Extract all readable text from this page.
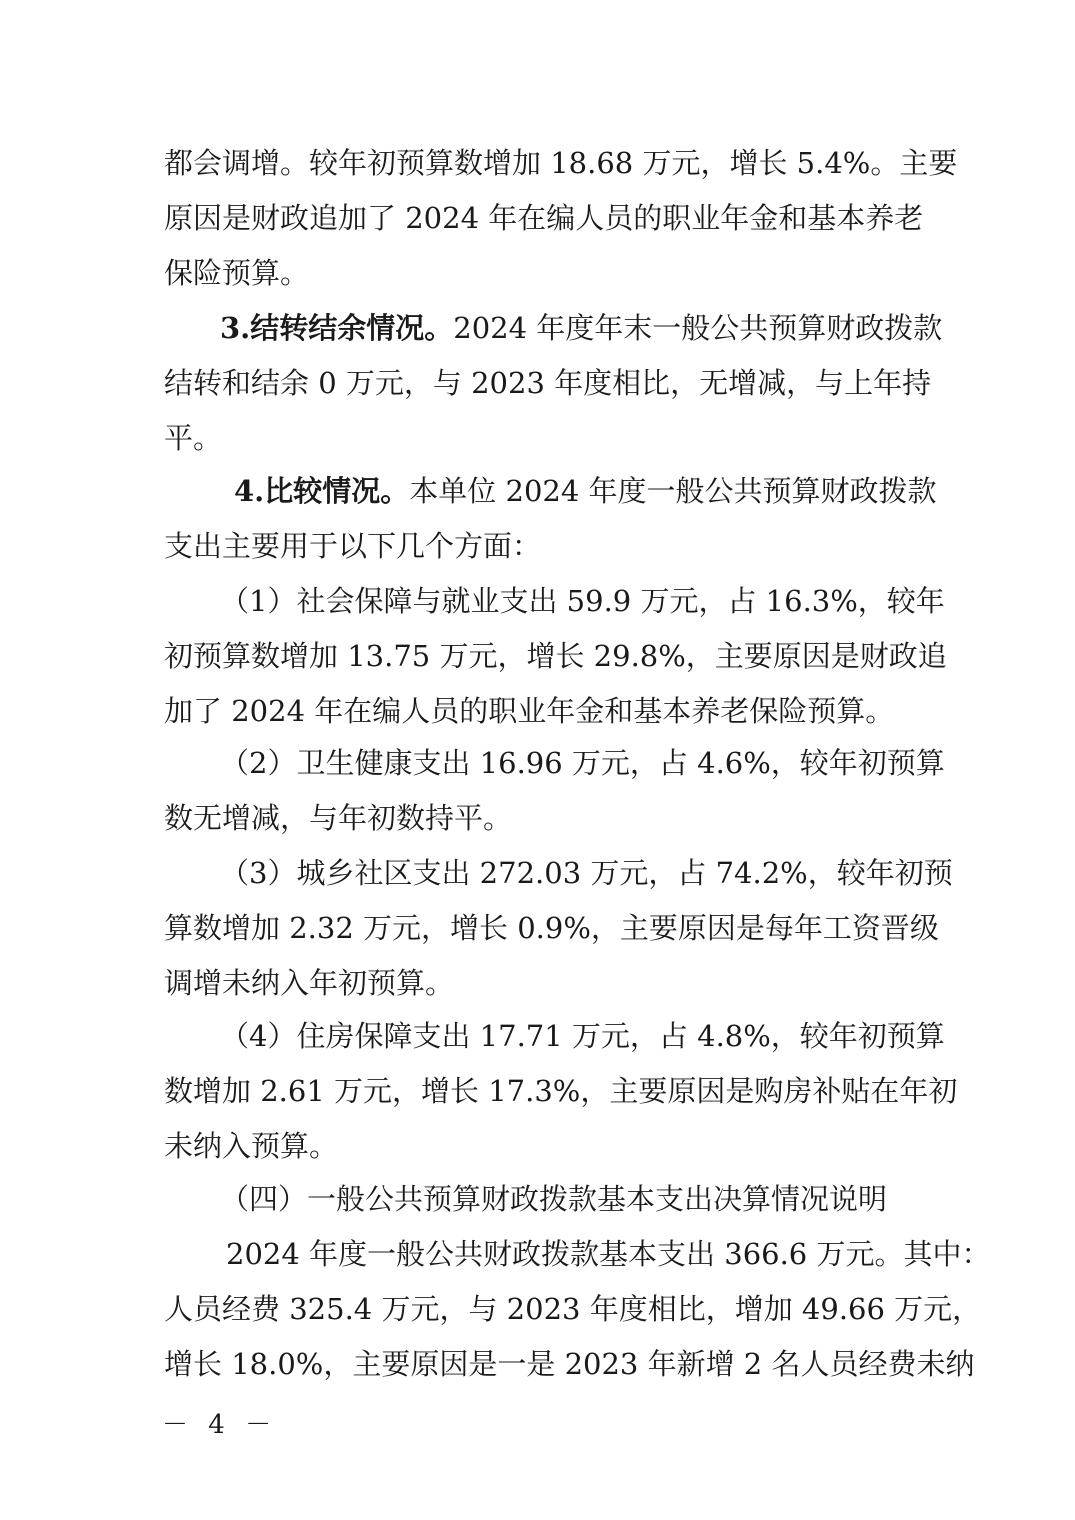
都会调增。较年初预算数增加 18.68 万元，增长 5.4%。主要
原因是财政追加了 2024 年在编人员的职业年金和基本养老
保险预算。
3.结转结余情况。2024 年度年末一般公共预算财政拨款
结转和结余 0 万元，与 2023 年度相比，无增减，与上年持
平。
4.比较情况。本单位 2024 年度一般公共预算财政拨款
支出主要用于以下几个方面：
（1）社会保障与就业支出 59.9 万元，占 16.3%，较年
初预算数增加 13.75 万元，增长 29.8%，主要原因是财政追
加了 2024 年在编人员的职业年金和基本养老保险预算。
（2）卫生健康支出 16.96 万元，占 4.6%，较年初预算
数无增减，与年初数持平。
（3）城乡社区支出 272.03 万元，占 74.2%，较年初预
算数增加 2.32 万元，增长 0.9%，主要原因是每年工资晋级
调增未纳入年初预算。
（4）住房保障支出 17.71 万元，占 4.8%，较年初预算
数增加 2.61 万元，增长 17.3%，主要原因是购房补贴在年初
未纳入预算。
（四）一般公共预算财政拨款基本支出决算情况说明
2024 年度一般公共财政拨款基本支出 366.6 万元。其中：
人员经费 325.4 万元，与 2023 年度相比，增加 49.66 万元，
增长 18.0%，主要原因是一是 2023 年新增 2 名人员经费未纳
－ 4 －
